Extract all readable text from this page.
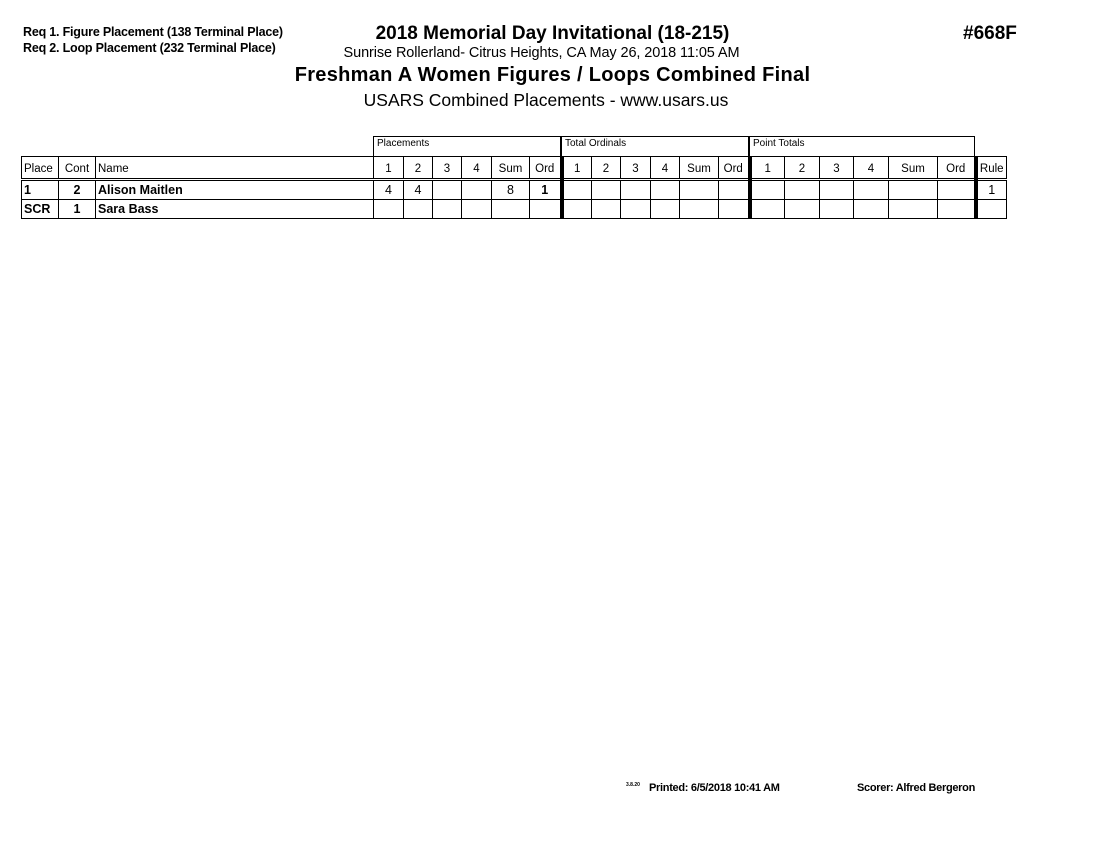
Req 1. Figure Placement (138 Terminal Place)
Req 2. Loop Placement (232 Terminal Place)
2018 Memorial Day Invitational (18-215)
Sunrise Rollerland- Citrus Heights, CA May 26, 2018 11:05 AM
Freshman A Women Figures / Loops Combined Final
USARS Combined Placements - www.usars.us
#668F
Placements	Total Ordinals	Point Totals
Place	Cont	Name	1	2	3	4	Sum	Ord	1	2	3	4	Sum	Ord	1	2	3	4	Sum	Ord	Rule
1	2	Alison Maitlen	4	4			8	1													1
SCR	1	Sara Bass																			
3.8.20 Printed: 6/5/2018 10:41 AM	Scorer: Alfred Bergeron
